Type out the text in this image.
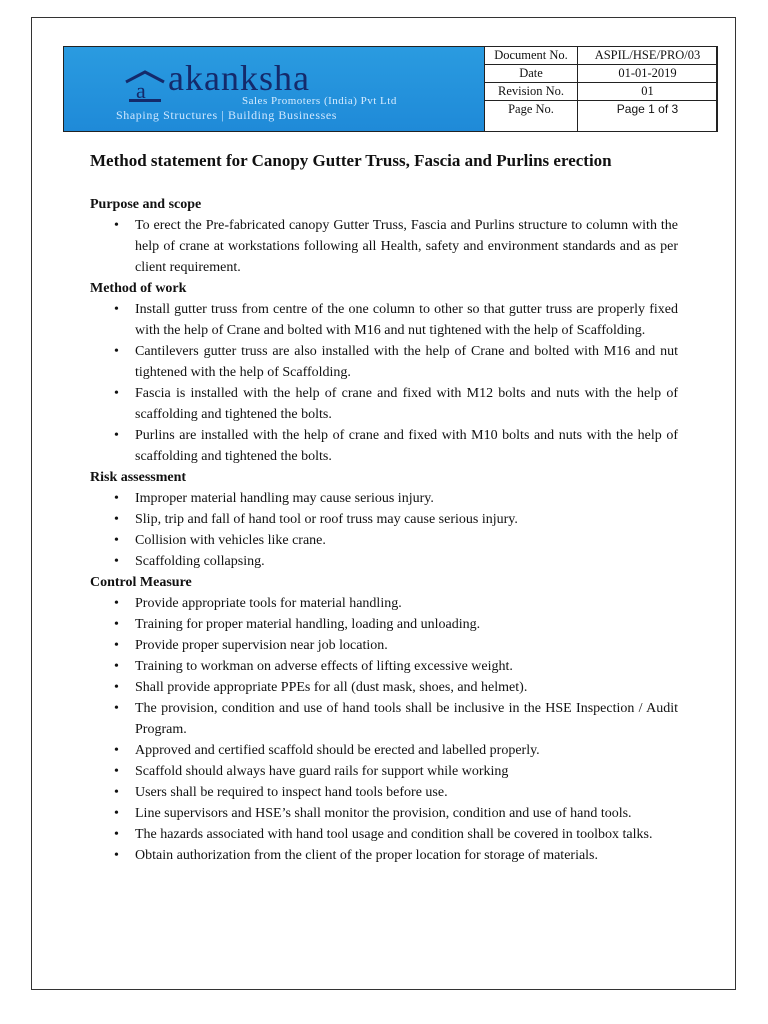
a akanksha
Sales Promoters (India) Pvt Ltd
Shaping Structures | Building Businesses
Document No.	ASPIL/HSE/PRO/03
Date	01-01-2019
Revision No.	01
Page No.	Page 1 of 3
Method statement for Canopy Gutter Truss, Fascia and Purlins erection
Purpose and scope
• To erect the Pre-fabricated canopy Gutter Truss, Fascia and Purlins structure to column with the help of crane at workstations following all Health, safety and environment standards and as per client requirement.
Method of work
• Install gutter truss from centre of the one column to other so that gutter truss are properly fixed with the help of Crane and bolted with M16 and nut tightened with the help of Scaffolding.
• Cantilevers gutter truss are also installed with the help of Crane and bolted with M16 and nut tightened with the help of Scaffolding.
• Fascia is installed with the help of crane and fixed with M12 bolts and nuts with the help of scaffolding and tightened the bolts.
• Purlins are installed with the help of crane and fixed with M10 bolts and nuts with the help of scaffolding and tightened the bolts.
Risk assessment
• Improper material handling may cause serious injury.
• Slip, trip and fall of hand tool or roof truss may cause serious injury.
• Collision with vehicles like crane.
• Scaffolding collapsing.
Control Measure
• Provide appropriate tools for material handling.
• Training for proper material handling, loading and unloading.
• Provide proper supervision near job location.
• Training to workman on adverse effects of lifting excessive weight.
• Shall provide appropriate PPEs for all (dust mask, shoes, and helmet).
• The provision, condition and use of hand tools shall be inclusive in the HSE Inspection / Audit Program.
• Approved and certified scaffold should be erected and labelled properly.
• Scaffold should always have guard rails for support while working
• Users shall be required to inspect hand tools before use.
• Line supervisors and HSE’s shall monitor the provision, condition and use of hand tools.
• The hazards associated with hand tool usage and condition shall be covered in toolbox talks.
• Obtain authorization from the client of the proper location for storage of materials.
